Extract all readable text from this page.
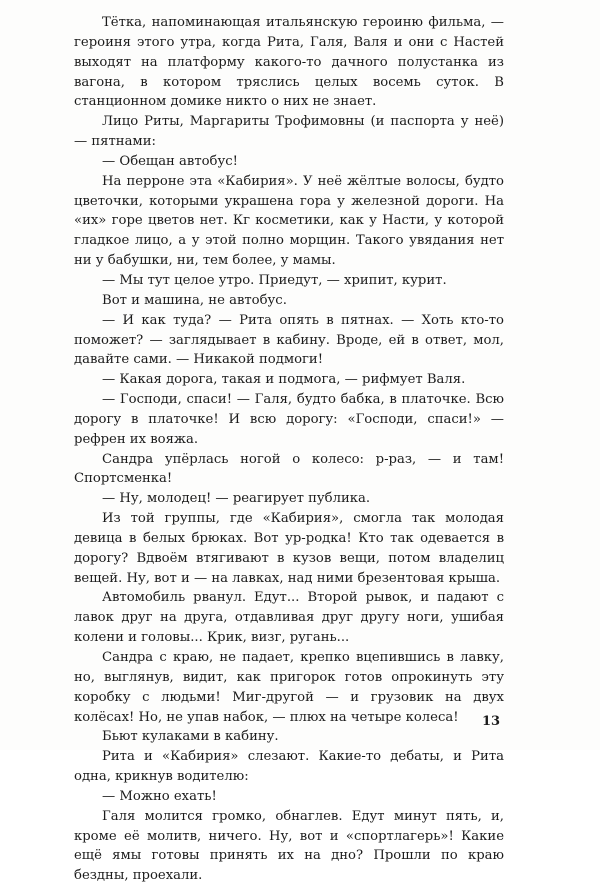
Тётка, напоминающая итальянскую героиню фильма, — героиня этого утра, когда Рита, Галя, Валя и они с Настей выходят на платформу какого-то дачного полустанка из вагона, в котором тряслись целых восемь суток. В станционном домике никто о них не знает.

Лицо Риты, Маргариты Трофимовны (и паспорта у неё) — пятнами:

— Обещан автобус!

На перроне эта «Кабирия». У неё жёлтые волосы, будто цветочки, которыми украшена гора у железной дороги. На «их» горе цветов нет. Кг косметики, как у Насти, у которой гладкое лицо, а у этой полно морщин. Такого увядания нет ни у бабушки, ни, тем более, у мамы.

— Мы тут целое утро. Приедут, — хрипит, курит.

Вот и машина, не автобус.

— И как туда? — Рита опять в пятнах. — Хоть кто-то поможет? — заглядывает в кабину. Вроде, ей в ответ, мол, давайте сами. — Никакой подмоги!

— Какая дорога, такая и подмога, — рифмует Валя.

— Господи, спаси! — Галя, будто бабка, в платочке. Всю дорогу в платочке! И всю дорогу: «Господи, спаси!» — рефрен их вояжа.

Сандра упёрлась ногой о колесо: р-раз, — и там! Спортсменка!

— Ну, молодец! — реагирует публика.

Из той группы, где «Кабирия», смогла так молодая девица в белых брюках. Вот ур-родка! Кто так одевается в дорогу? Вдвоём втягивают в кузов вещи, потом владелиц вещей. Ну, вот и — на лавках, над ними брезентовая крыша.

Автомобиль рванул. Едут... Второй рывок, и падают с лавок друг на друга, отдавливая друг другу ноги, ушибая колени и головы... Крик, визг, ругань...

Сандра с краю, не падает, крепко вцепившись в лавку, но, выглянув, видит, как пригорок готов опрокинуть эту коробку с людьми! Миг-другой — и грузовик на двух колёсах! Но, не упав набок, — плюх на четыре колеса!

Бьют кулаками в кабину.

Рита и «Кабирия» слезают. Какие-то дебаты, и Рита одна, крикнув водителю:

— Можно ехать!

Галя молится громко, обнаглев. Едут минут пять, и, кроме её молитв, ничего. Ну, вот и «спортлагерь»! Какие ещё ямы готовы принять их на дно? Прошли по краю бездны, проехали.

13
